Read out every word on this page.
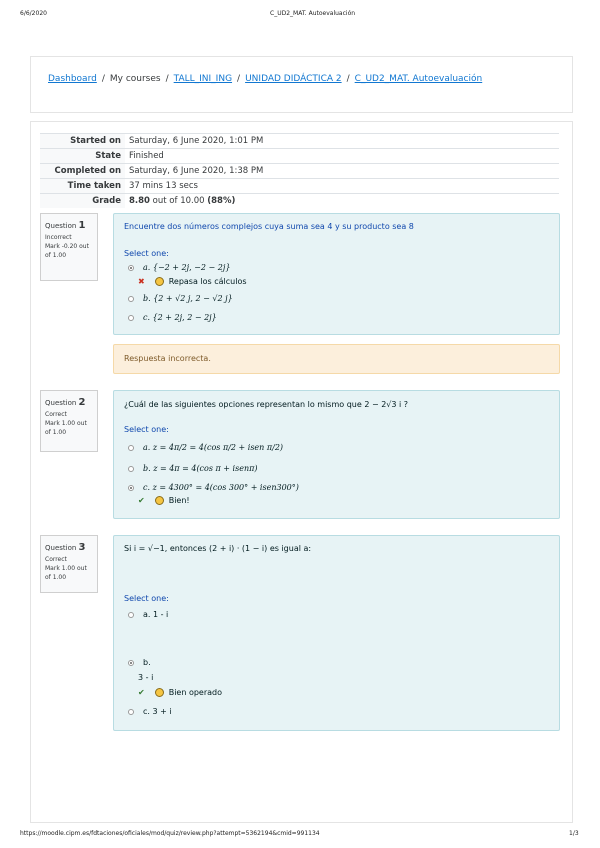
6/6/2020	C_UD2_MAT. Autoevaluación
https://moodle.cipm.es/fdtaciones/oficiales/mod/quiz/review.php?attempt=5362194&cmid=991134	1/3
Dashboard / My courses / TALL_INI_ING / UNIDAD DIDÁCTICA 2 / C_UD2_MAT. Autoevaluación
Started on	Saturday, 6 June 2020, 1:01 PM
State	Finished
Completed on	Saturday, 6 June 2020, 1:38 PM
Time taken	37 mins 13 secs
Grade	8.80 out of 10.00 (88%)
Question 1
Incorrect
Mark -0.20 out of 1.00
Encuentre dos números complejos cuya suma sea 4 y su producto sea 8
Select one:
a. {−2 + 2j, −2 − 2j}
✖	Repasa los cálculos
b. {2 + √2 j, 2 − √2 j}
c. {2 + 2j, 2 − 2j}
Respuesta incorrecta.
Question 2
Correct
Mark 1.00 out of 1.00
¿Cuál de las siguientes opciones representan lo mismo que 2 − 2√3 i ?
Select one:
a. z = 4π/2 = 4(cos π/2 + isen π/2)
b. z = 4π = 4(cos π + isenπ)
c. z = 4300° = 4(cos 300° + isen300°)
✔	Bien!
Question 3
Correct
Mark 1.00 out of 1.00
Si i = √−1, entonces (2 + i) · (1 − i) es igual a:
Select one:
a. 1 - i
b.
3 - i
✔	Bien operado
c. 3 + i
